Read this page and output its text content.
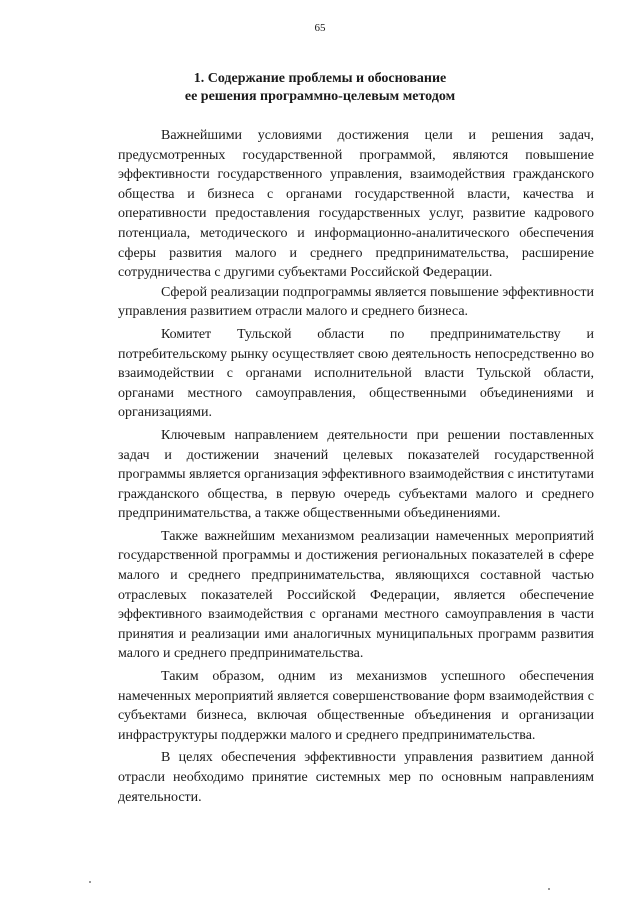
65
1. Содержание проблемы и обоснование
ее решения программно-целевым методом

Важнейшими условиями достижения цели и решения задач, предусмотренных государственной программой, являются повышение эффективности государственного управления, взаимодействия гражданского общества и бизнеса с органами государственной власти, качества и оперативности предоставления государственных услуг, развитие кадрового потенциала, методического и информационно-аналитического обеспечения сферы развития малого и среднего предпринимательства, расширение сотрудничества с другими субъектами Российской Федерации.

Сферой реализации подпрограммы является повышение эффективности управления развитием отрасли малого и среднего бизнеса.

Комитет Тульской области по предпринимательству и потребительскому рынку осуществляет свою деятельность непосредственно во взаимодействии с органами исполнительной власти Тульской области, органами местного самоуправления, общественными объединениями и организациями.

Ключевым направлением деятельности при решении поставленных задач и достижении значений целевых показателей государственной программы является организация эффективного взаимодействия с институтами гражданского общества, в первую очередь субъектами малого и среднего предпринимательства, а также общественными объединениями.

Также важнейшим механизмом реализации намеченных мероприятий государственной программы и достижения региональных показателей в сфере малого и среднего предпринимательства, являющихся составной частью отраслевых показателей Российской Федерации, является обеспечение эффективного взаимодействия с органами местного самоуправления в части принятия и реализации ими аналогичных муниципальных программ развития малого и среднего предпринимательства.

Таким образом, одним из механизмов успешного обеспечения намеченных мероприятий является совершенствование форм взаимодействия с субъектами бизнеса, включая общественные объединения и организации инфраструктуры поддержки малого и среднего предпринимательства.

В целях обеспечения эффективности управления развитием данной отрасли необходимо принятие системных мер по основным направлениям деятельности.
